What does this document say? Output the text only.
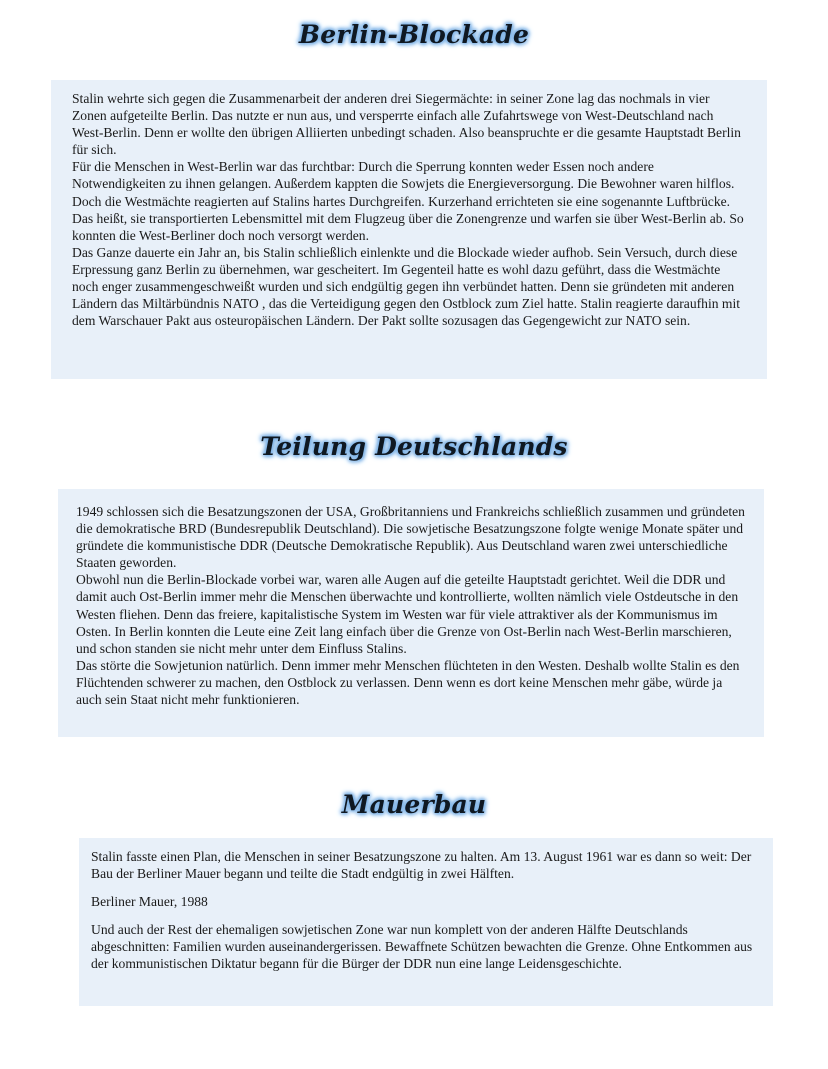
Berlin-Blockade

Stalin wehrte sich gegen die Zusammenarbeit der anderen drei Siegermächte: in seiner Zone lag das nochmals in vier Zonen aufgeteilte Berlin. Das nutzte er nun aus, und versperrte einfach alle Zufahrtswege von West-Deutschland nach West-Berlin. Denn er wollte den übrigen Alliierten unbedingt schaden. Also beanspruchte er die gesamte Hauptstadt Berlin für sich.

Für die Menschen in West-Berlin war das furchtbar: Durch die Sperrung konnten weder Essen noch andere Notwendigkeiten zu ihnen gelangen. Außerdem kappten die Sowjets die Energieversorgung. Die Bewohner waren hilflos.

Doch die Westmächte reagierten auf Stalins hartes Durchgreifen. Kurzerhand errichteten sie eine sogenannte Luftbrücke. Das heißt, sie transportierten Lebensmittel mit dem Flugzeug über die Zonengrenze und warfen sie über West-Berlin ab. So konnten die West-Berliner doch noch versorgt werden.

Das Ganze dauerte ein Jahr an, bis Stalin schließlich einlenkte und die Blockade wieder aufhob. Sein Versuch, durch diese Erpressung ganz Berlin zu übernehmen, war gescheitert. Im Gegenteil hatte es wohl dazu geführt, dass die Westmächte noch enger zusammengeschweißt wurden und sich endgültig gegen ihn verbündet hatten. Denn sie gründeten mit anderen Ländern das Miltärbündnis NATO , das die Verteidigung gegen den Ostblock zum Ziel hatte. Stalin reagierte daraufhin mit dem Warschauer Pakt aus osteuropäischen Ländern. Der Pakt sollte sozusagen das Gegengewicht zur NATO sein.

Teilung Deutschlands

1949 schlossen sich die Besatzungszonen der USA, Großbritanniens und Frankreichs schließlich zusammen und gründeten die demokratische BRD (Bundesrepublik Deutschland). Die sowjetische Besatzungszone folgte wenige Monate später und gründete die kommunistische DDR (Deutsche Demokratische Republik). Aus Deutschland waren zwei unterschiedliche Staaten geworden.

Obwohl nun die Berlin-Blockade vorbei war, waren alle Augen auf die geteilte Hauptstadt gerichtet. Weil die DDR und damit auch Ost-Berlin immer mehr die Menschen überwachte und kontrollierte, wollten nämlich viele Ostdeutsche in den Westen fliehen. Denn das freiere, kapitalistische System im Westen war für viele attraktiver als der Kommunismus im Osten. In Berlin konnten die Leute eine Zeit lang einfach über die Grenze von Ost-Berlin nach West-Berlin marschieren, und schon standen sie nicht mehr unter dem Einfluss Stalins.

Das störte die Sowjetunion natürlich. Denn immer mehr Menschen flüchteten in den Westen. Deshalb wollte Stalin es den Flüchtenden schwerer zu machen, den Ostblock zu verlassen. Denn wenn es dort keine Menschen mehr gäbe, würde ja auch sein Staat nicht mehr funktionieren.

Mauerbau

Stalin fasste einen Plan, die Menschen in seiner Besatzungszone zu halten. Am 13. August 1961 war es dann so weit: Der Bau der Berliner Mauer begann und teilte die Stadt endgültig in zwei Hälften.

Berliner Mauer, 1988

Und auch der Rest der ehemaligen sowjetischen Zone war nun komplett von der anderen Hälfte Deutschlands abgeschnitten: Familien wurden auseinandergerissen. Bewaffnete Schützen bewachten die Grenze. Ohne Entkommen aus der kommunistischen Diktatur begann für die Bürger der DDR nun eine lange Leidensgeschichte.
